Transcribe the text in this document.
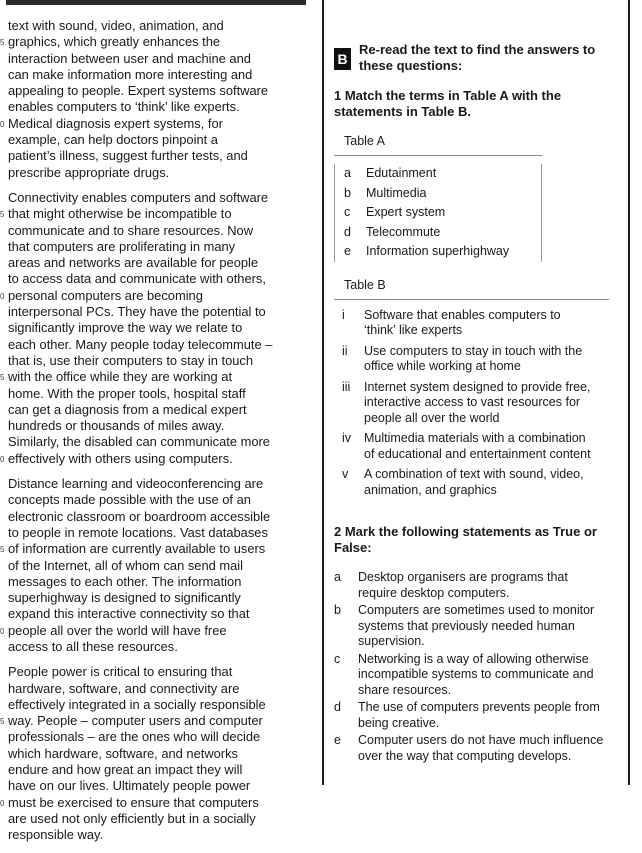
text with sound, video, animation, and
5 graphics, which greatly enhances the
interaction between user and machine and
can make information more interesting and
appealing to people. Expert systems software
enables computers to ‘think’ like experts.
0 Medical diagnosis expert systems, for
example, can help doctors pinpoint a
patient’s illness, suggest further tests, and
prescribe appropriate drugs.
Connectivity enables computers and software
5 that might otherwise be incompatible to
communicate and to share resources. Now
that computers are proliferating in many
areas and networks are available for people
to access data and communicate with others,
0 personal computers are becoming
interpersonal PCs. They have the potential to
significantly improve the way we relate to
each other. Many people today telecommute –
that is, use their computers to stay in touch
5 with the office while they are working at
home. With the proper tools, hospital staff
can get a diagnosis from a medical expert
hundreds or thousands of miles away.
Similarly, the disabled can communicate more
0 effectively with others using computers.
Distance learning and videoconferencing are
concepts made possible with the use of an
electronic classroom or boardroom accessible
to people in remote locations. Vast databases
5 of information are currently available to users
of the Internet, all of whom can send mail
messages to each other. The information
superhighway is designed to significantly
expand this interactive connectivity so that
0 people all over the world will have free
access to all these resources.
People power is critical to ensuring that
hardware, software, and connectivity are
effectively integrated in a socially responsible
5 way. People – computer users and computer
professionals – are the ones who will decide
which hardware, software, and networks
endure and how great an impact they will
have on our lives. Ultimately people power
0 must be exercised to ensure that computers
are used not only efficiently but in a socially
responsible way.
B
Re-read the text to find the answers to
these questions:
1 Match the terms in Table A with the
statements in Table B.
Table A
a	Edutainment
b	Multimedia
c	Expert system
d	Telecommute
e	Information superhighway
Table B
i	Software that enables computers to
‘think’ like experts
ii	Use computers to stay in touch with the
office while working at home
iii	Internet system designed to provide free,
interactive access to vast resources for
people all over the world
iv	Multimedia materials with a combination
of educational and entertainment content
v	A combination of text with sound, video,
animation, and graphics
2 Mark the following statements as True or
False:
a	Desktop organisers are programs that
require desktop computers.
b	Computers are sometimes used to monitor
systems that previously needed human
supervision.
c	Networking is a way of allowing otherwise
incompatible systems to communicate and
share resources.
d	The use of computers prevents people from
being creative.
e	Computer users do not have much influence
over the way that computing develops.
